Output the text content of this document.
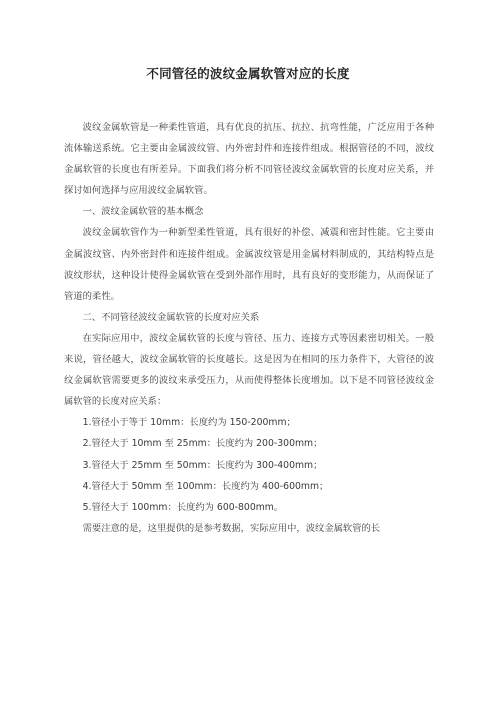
不同管径的波纹金属软管对应的长度

波纹金属软管是一种柔性管道，具有优良的抗压、抗拉、抗弯性能，广泛应用于各种流体输送系统。它主要由金属波纹管、内外密封件和连接件组成。根据管径的不同，波纹金属软管的长度也有所差异。下面我们将分析不同管径波纹金属软管的长度对应关系，并探讨如何选择与应用波纹金属软管。

一、波纹金属软管的基本概念

波纹金属软管作为一种新型柔性管道，具有很好的补偿、减震和密封性能。它主要由金属波纹管、内外密封件和连接件组成。金属波纹管是用金属材料制成的，其结构特点是波纹形状，这种设计使得金属软管在受到外部作用时，具有良好的变形能力，从而保证了管道的柔性。

二、不同管径波纹金属软管的长度对应关系

在实际应用中，波纹金属软管的长度与管径、压力、连接方式等因素密切相关。一般来说，管径越大，波纹金属软管的长度越长。这是因为在相同的压力条件下，大管径的波纹金属软管需要更多的波纹来承受压力，从而使得整体长度增加。以下是不同管径波纹金属软管的长度对应关系：

1.管径小于等于 10mm：长度约为 150-200mm；

2.管径大于 10mm 至 25mm：长度约为 200-300mm；

3.管径大于 25mm 至 50mm：长度约为 300-400mm；

4.管径大于 50mm 至 100mm：长度约为 400-600mm；

5.管径大于 100mm：长度约为 600-800mm。

需要注意的是，这里提供的是参考数据，实际应用中，波纹金属软管的长
